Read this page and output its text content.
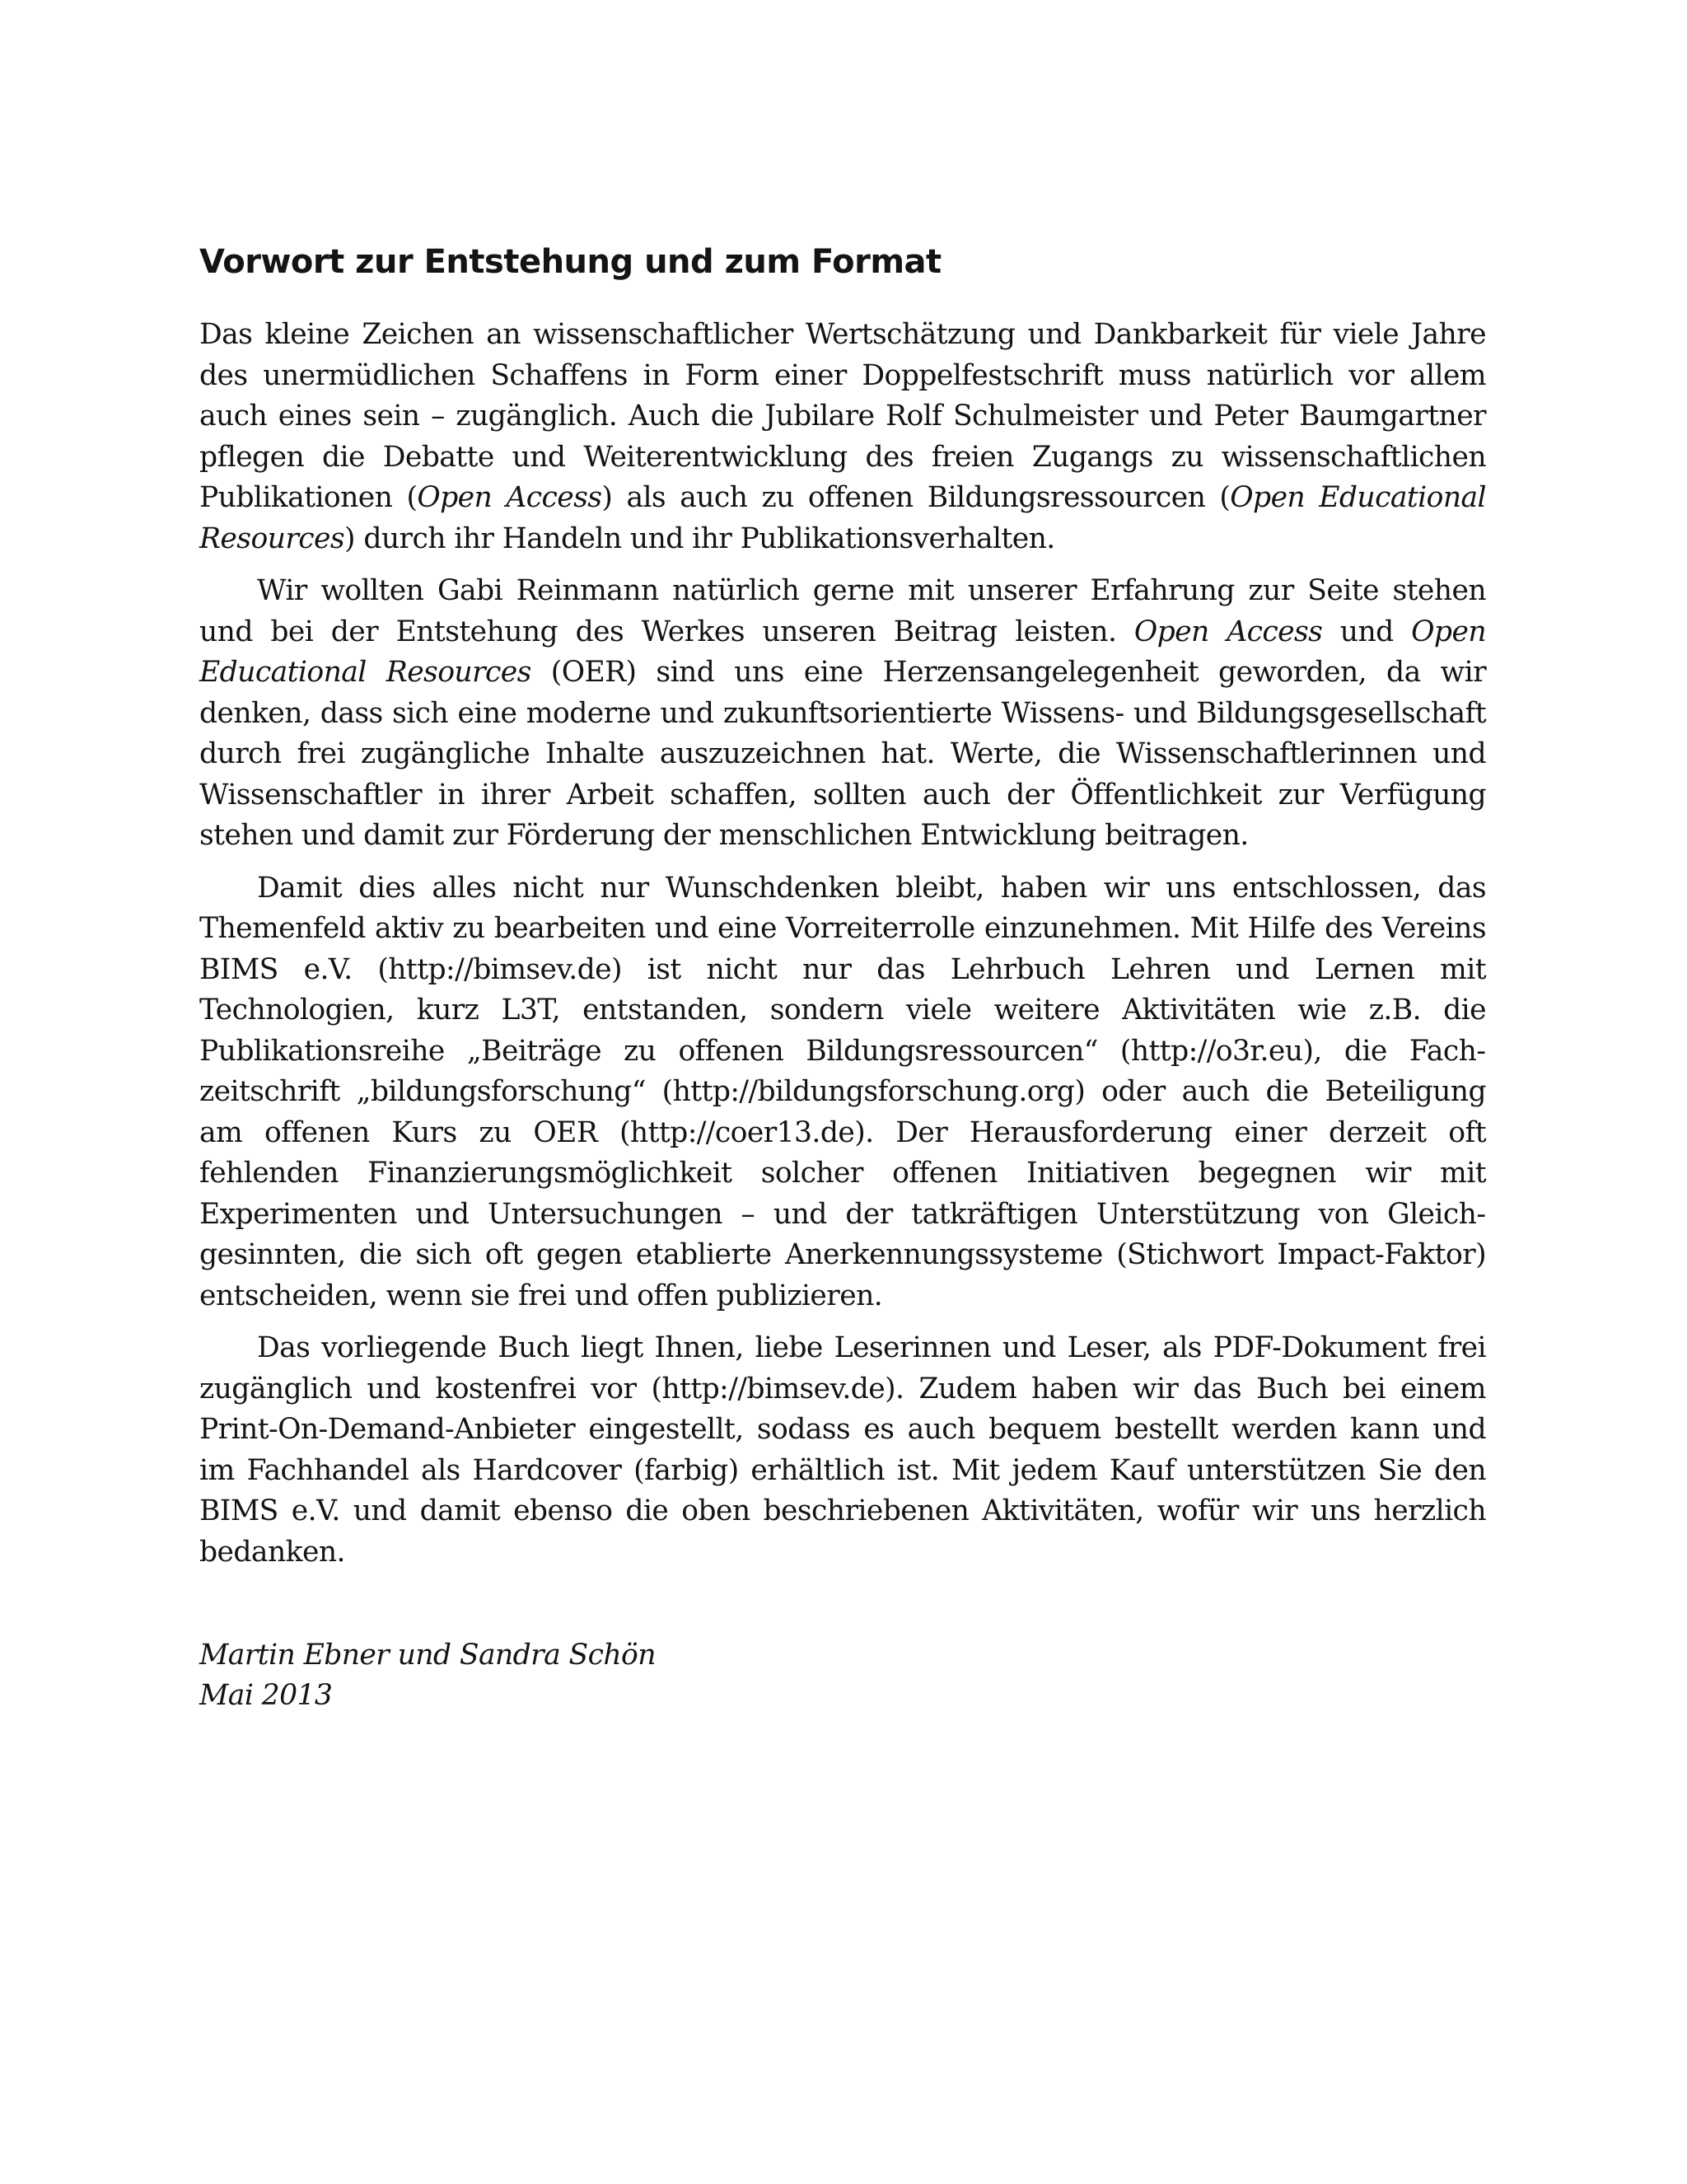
Vorwort zur Entstehung und zum Format

Das kleine Zeichen an wissenschaftlicher Wertschätzung und Dankbarkeit für viele Jahre des unermüdlichen Schaffens in Form einer Doppelfestschrift muss natürlich vor allem auch eines sein – zugänglich. Auch die Jubilare Rolf Schulmeister und Peter Baumgartner pflegen die Debatte und Weiterentwicklung des freien Zugangs zu wissenschaftlichen Publikationen (Open Access) als auch zu offenen Bildungsressourcen (Open Educational Resources) durch ihr Handeln und ihr Publikationsverhalten.

Wir wollten Gabi Reinmann natürlich gerne mit unserer Erfahrung zur Seite stehen und bei der Entstehung des Werkes unseren Beitrag leisten. Open Access und Open Educational Resources (OER) sind uns eine Herzensangelegenheit geworden, da wir denken, dass sich eine moderne und zukunftsorientierte Wissens- und Bildungsgesellschaft durch frei zugängliche Inhalte auszuzeichnen hat. Werte, die Wissenschaftlerinnen und Wissenschaftler in ihrer Arbeit schaffen, sollten auch der Öffentlichkeit zur Verfügung stehen und damit zur Förderung der menschlichen Entwicklung beitragen.

Damit dies alles nicht nur Wunschdenken bleibt, haben wir uns entschlossen, das Themenfeld aktiv zu bearbeiten und eine Vorreiterrolle einzunehmen. Mit Hilfe des Vereins BIMS e.V. (http://bimsev.de) ist nicht nur das Lehrbuch Lehren und Lernen mit Technologien, kurz L3T, entstanden, sondern viele weitere Aktivitäten wie z.B. die Publikationsreihe „Beiträge zu offenen Bildungsressourcen“ (http://o3r.eu), die Fachzeitschrift „bildungsforschung“ (http://bildungsforschung.org) oder auch die Beteiligung am offenen Kurs zu OER (http://coer13.de). Der Herausforderung einer derzeit oft fehlenden Finanzierungsmöglichkeit solcher offenen Initiativen begegnen wir mit Experimenten und Untersuchungen – und der tatkräftigen Unterstützung von Gleichgesinnten, die sich oft gegen etablierte Anerkennungssysteme (Stichwort Impact-Faktor) entscheiden, wenn sie frei und offen publizieren.

Das vorliegende Buch liegt Ihnen, liebe Leserinnen und Leser, als PDF-Dokument frei zugänglich und kostenfrei vor (http://bimsev.de). Zudem haben wir das Buch bei einem Print-On-Demand-Anbieter eingestellt, sodass es auch bequem bestellt werden kann und im Fachhandel als Hardcover (farbig) erhältlich ist. Mit jedem Kauf unterstützen Sie den BIMS e.V. und damit ebenso die oben beschriebenen Aktivitäten, wofür wir uns herzlich bedanken.

Martin Ebner und Sandra Schön
Mai 2013
